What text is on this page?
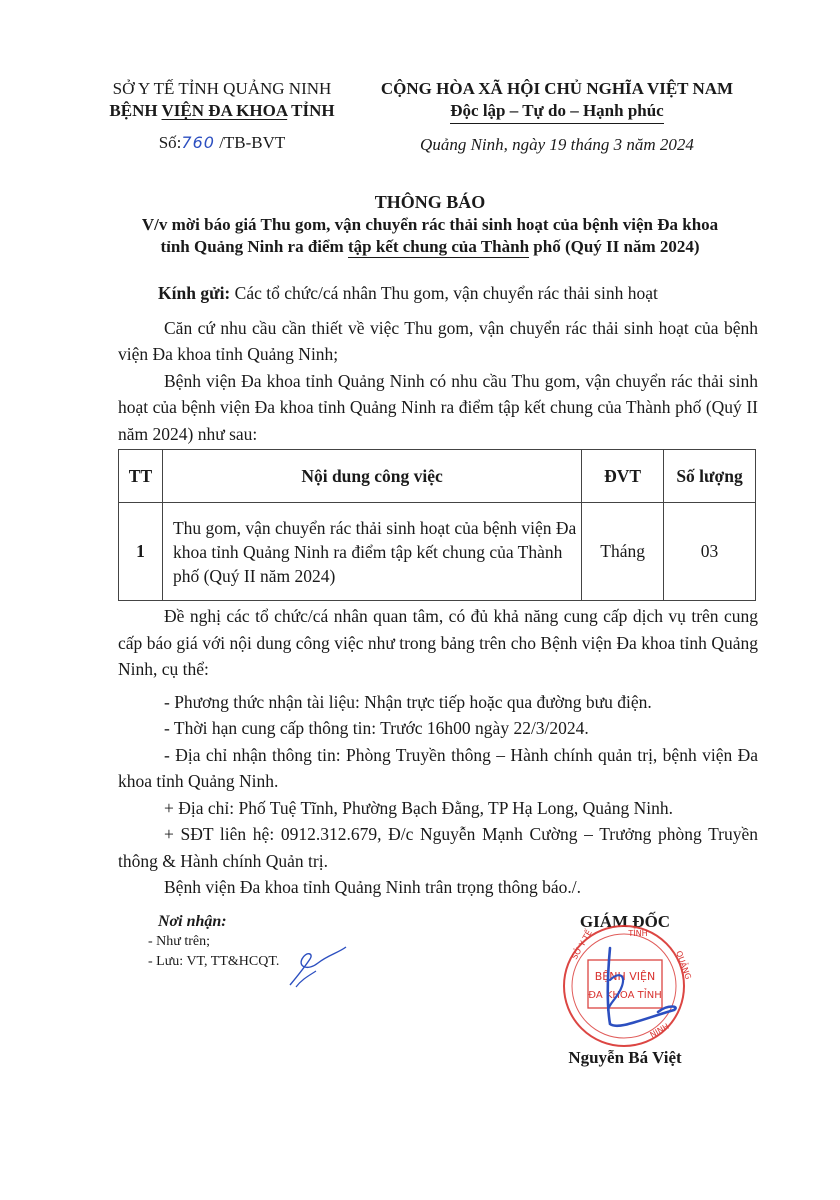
SỞ Y TẾ TỈNH QUẢNG NINH
BỆNH VIỆN ĐA KHOA TỈNH
Số:760 /TB-BVT
CỘNG HÒA XÃ HỘI CHỦ NGHĨA VIỆT NAM
Độc lập – Tự do – Hạnh phúc
Quảng Ninh, ngày 19 tháng 3 năm 2024
THÔNG BÁO
V/v mời báo giá Thu gom, vận chuyển rác thải sinh hoạt của bệnh viện Đa khoa
tỉnh Quảng Ninh ra điểm tập kết chung của Thành phố (Quý II năm 2024)

Kính gửi: Các tổ chức/cá nhân Thu gom, vận chuyển rác thải sinh hoạt

Căn cứ nhu cầu cần thiết về việc Thu gom, vận chuyển rác thải sinh hoạt của bệnh viện Đa khoa tỉnh Quảng Ninh;

Bệnh viện Đa khoa tỉnh Quảng Ninh có nhu cầu Thu gom, vận chuyển rác thải sinh hoạt của bệnh viện Đa khoa tỉnh Quảng Ninh ra điểm tập kết chung của Thành phố (Quý II năm 2024) như sau:

TT	Nội dung công việc	ĐVT	Số lượng
1	Thu gom, vận chuyển rác thải sinh hoạt của bệnh viện Đa khoa tỉnh Quảng Ninh ra điểm tập kết chung của Thành phố (Quý II năm 2024)	Tháng	03

Đề nghị các tổ chức/cá nhân quan tâm, có đủ khả năng cung cấp dịch vụ trên cung cấp báo giá với nội dung công việc như trong bảng trên cho Bệnh viện Đa khoa tỉnh Quảng Ninh, cụ thể:

- Phương thức nhận tài liệu: Nhận trực tiếp hoặc qua đường bưu điện.

- Thời hạn cung cấp thông tin: Trước 16h00 ngày 22/3/2024.

- Địa chỉ nhận thông tin: Phòng Truyền thông – Hành chính quản trị, bệnh viện Đa khoa tỉnh Quảng Ninh.

+ Địa chỉ: Phố Tuệ Tĩnh, Phường Bạch Đằng, TP Hạ Long, Quảng Ninh.

+ SĐT liên hệ: 0912.312.679, Đ/c Nguyễn Mạnh Cường – Trưởng phòng Truyền thông & Hành chính Quản trị.

Bệnh viện Đa khoa tỉnh Quảng Ninh trân trọng thông báo./.

Nơi nhận:
- Như trên;
- Lưu: VT, TT&HCQT.
GIÁM ĐỐC
BỆNH VIỆN
ĐA KHOA TỈNH
TỈNH
SỞ Y TẾ
QUẢNG
NINH
Nguyễn Bá Việt
